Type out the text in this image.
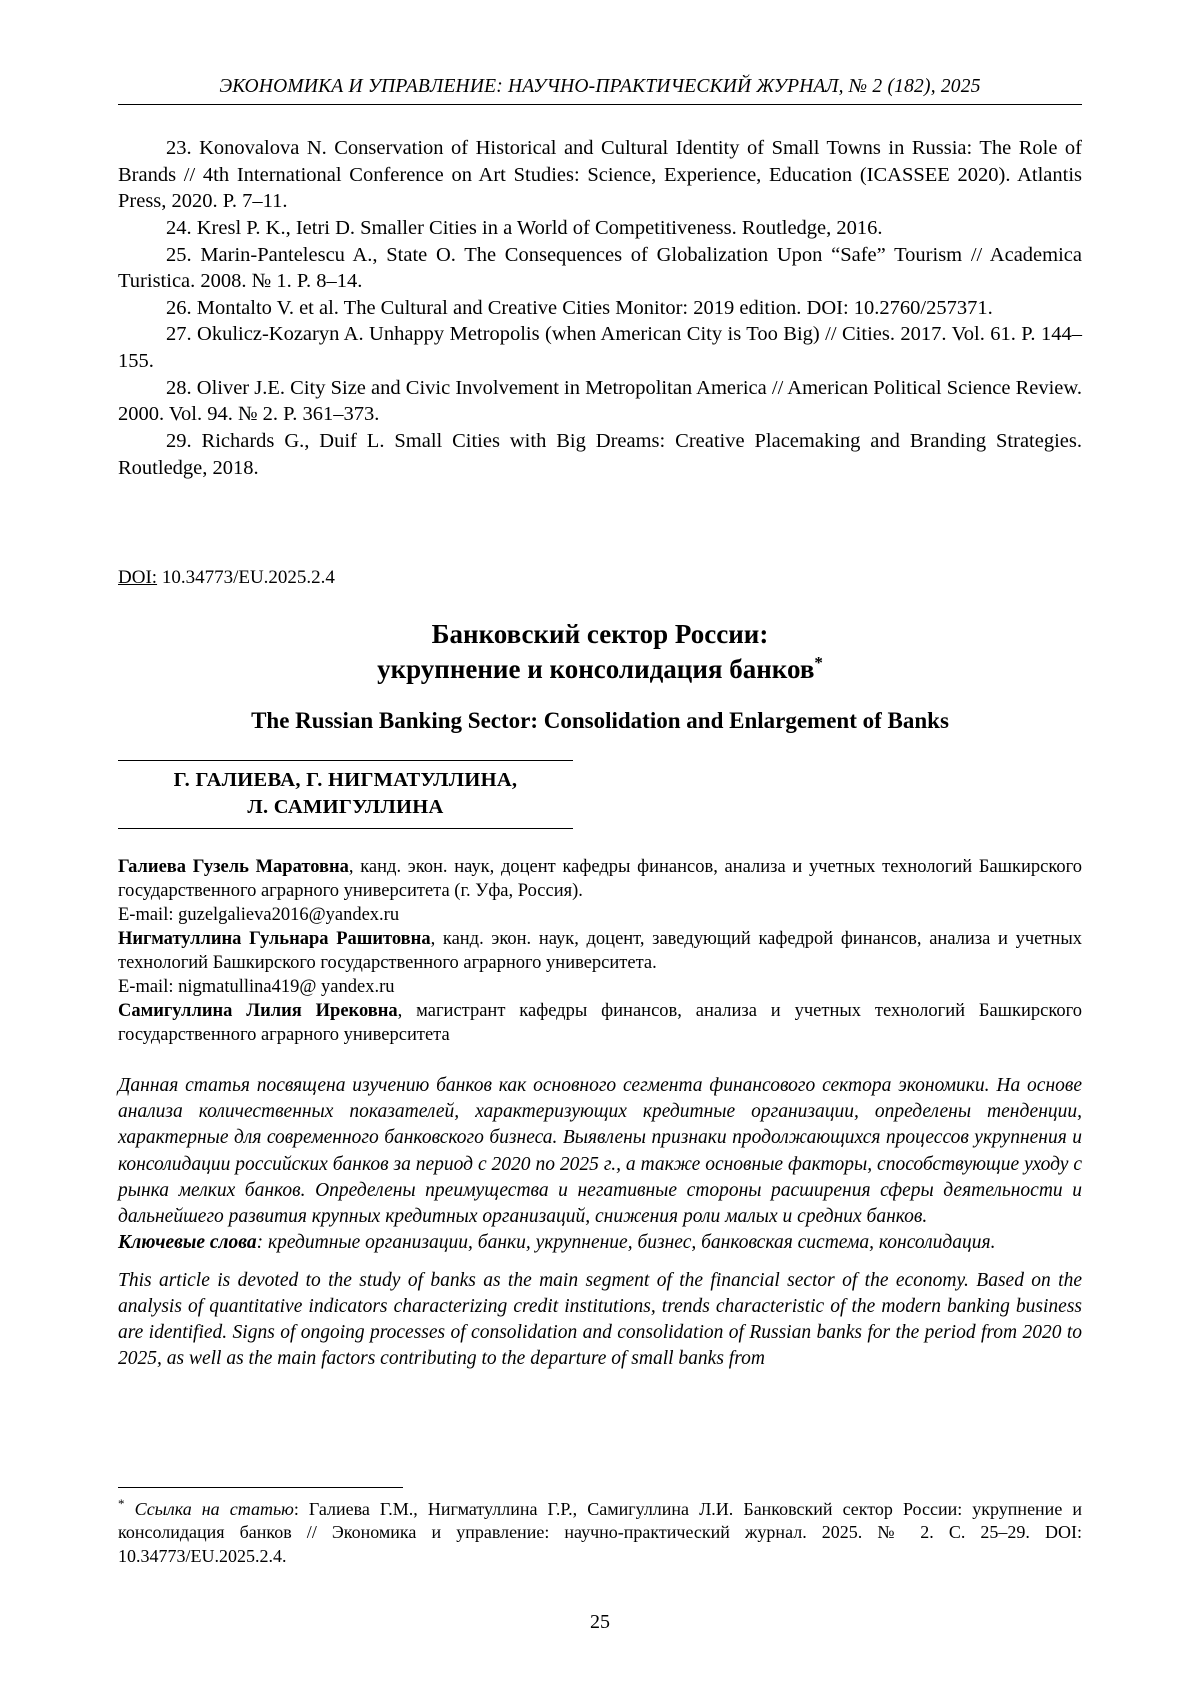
ЭКОНОМИКА И УПРАВЛЕНИЕ: НАУЧНО-ПРАКТИЧЕСКИЙ ЖУРНАЛ, № 2 (182), 2025

23. Konovalova N. Conservation of Historical and Cultural Identity of Small Towns in Russia: The Role of Brands // 4th International Conference on Art Studies: Science, Experience, Education (ICASSEE 2020). Atlantis Press, 2020. P. 7–11.

24. Kresl P. K., Ietri D. Smaller Cities in a World of Competitiveness. Routledge, 2016.

25. Marin-Pantelescu A., State O. The Consequences of Globalization Upon “Safe” Tourism // Academica Turistica. 2008. № 1. P. 8–14.

26. Montalto V. et al. The Cultural and Creative Cities Monitor: 2019 edition. DOI: 10.2760/257371.

27. Okulicz-Kozaryn A. Unhappy Metropolis (when American City is Too Big) // Cities. 2017. Vol. 61. P. 144–155.

28. Oliver J.E. City Size and Civic Involvement in Metropolitan America // American Political Science Review. 2000. Vol. 94. № 2. P. 361–373.

29. Richards G., Duif L. Small Cities with Big Dreams: Creative Placemaking and Branding Strategies. Routledge, 2018.

DOI: 10.34773/EU.2025.2.4
Банковский сектор России:
укрупнение и консолидация банков*
The Russian Banking Sector: Consolidation and Enlargement of Banks
Г. ГАЛИЕВА, Г. НИГМАТУЛЛИНА,
Л. САМИГУЛЛИНА

Галиева Гузель Маратовна, канд. экон. наук, доцент кафедры финансов, анализа и учетных технологий Башкирского государственного аграрного университета (г. Уфа, Россия).

E-mail: guzelgalieva2016@yandex.ru

Нигматуллина Гульнара Рашитовна, канд. экон. наук, доцент, заведующий кафедрой финансов, анализа и учетных технологий Башкирского государственного аграрного университета.

E-mail: nigmatullina419@ yandex.ru

Самигуллина Лилия Ирековна, магистрант кафедры финансов, анализа и учетных технологий Башкирского государственного аграрного университета

Данная статья посвящена изучению банков как основного сегмента финансового сектора экономики. На основе анализа количественных показателей, характеризующих кредитные организации, определены тенденции, характерные для современного банковского бизнеса. Выявлены признаки продолжающихся процессов укрупнения и консолидации российских банков за период с 2020 по 2025 г., а также основные факторы, способствующие уходу с рынка мелких банков. Определены преимущества и негативные стороны расширения сферы деятельности и дальнейшего развития крупных кредитных организаций, снижения роли малых и средних банков.

Ключевые слова: кредитные организации, банки, укрупнение, бизнес, банковская система, консолидация.

This article is devoted to the study of banks as the main segment of the financial sector of the economy. Based on the analysis of quantitative indicators characterizing credit institutions, trends characteristic of the modern banking business are identified. Signs of ongoing processes of consolidation and consolidation of Russian banks for the period from 2020 to 2025, as well as the main factors contributing to the departure of small banks from

* Ссылка на статью: Галиева Г.М., Нигматуллина Г.Р., Самигуллина Л.И. Банковский сектор России: укрупнение и консолидация банков // Экономика и управление: научно-практический журнал. 2025. № 2. С. 25–29. DOI: 10.34773/EU.2025.2.4.

25
